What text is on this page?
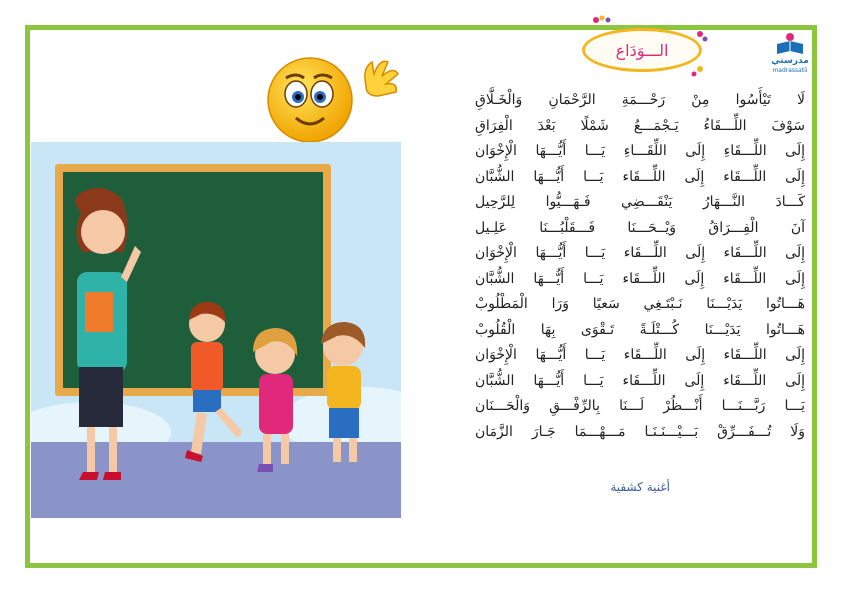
مدرستي
madrassatii
الـــوَدَاع
لَا تَيْأَسُوا مِنْ رَحْـــمَةِ الرَّحْمَانِ وَالْخَـلَّاقِ
سَوْفَ اللِّـــقَاءُ يَـجْمَـــعُ شَمْلًا بَعْدَ الْفِرَاقِ
إِلَى اللِّـــقَاءِ إِلَى اللِّقَـــاءِ يَـــا أَيُّـــهَا الْإِخْوَان
إِلَى اللِّـــقَاء إِلَى اللِّـــقَاء يَـــا أَيُّـــهَا الشُّبَّان
كَـــادَ النَّـــهَارُ يَنْقَـــضِي فَـهَـــيُّوا لِلرَّحِيل
آنَ الْفِـــرَاقُ وَيْــحَـــنَا فَـــقَلْبُـــنَا عَلِـيل
إِلَى اللِّـــقَاء إِلَى اللِّـــقَاء يَـــا أَيُّـــهَا الْإِخْوَان
إِلَى اللِّـــقَاء إِلَى اللِّـــقَاء يَـــا أَيُّـــهَا الشُّبَّان
هَـــاتُوا يَدَيْـــنَا نَـبْتَـغِي سَعيًا وَرَا الْمَطْلُوبْ
هَـــاتُوا يَدَيْـــنَا كُـــتْلَـةً تَـقْوَى بِهَا الْقُلُوبْ
إِلَى اللِّـــقَاء إِلَى اللِّـــقَاء يَـــا أَيُّـــهَا الْإِخْوَان
إِلَى اللِّـــقَاء إِلَى اللِّـــقَاء يَـــا أَيُّـــهَا الشُّبَّان
يَـــا رَبَّـــنَـــا أَنْـــظُرْ لَـــنَا بِالرِّفْـــقِ وَالْحَـــنَان
وَلَا تُـــفَـــرِّقْ بَـــيْـــنَـنَـا مَـــهْـــمَا جَـارَ الزَّمَان
أغنية كشفية
